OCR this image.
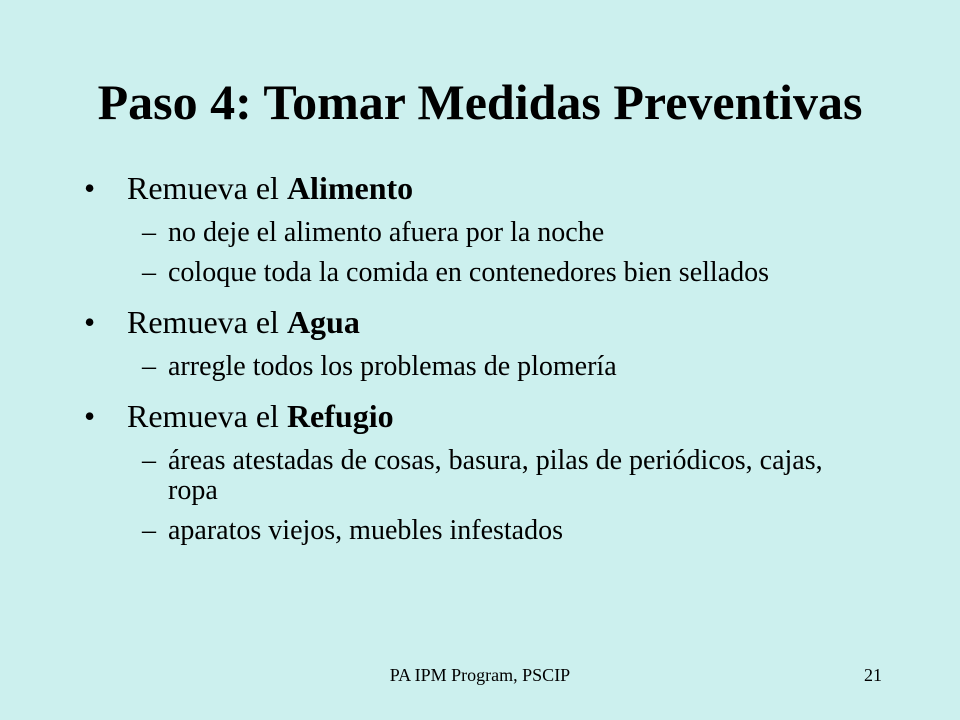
Paso 4: Tomar Medidas Preventivas
• Remueva el Alimento
– no deje el alimento afuera por la noche
– coloque toda la comida en contenedores bien sellados
• Remueva el Agua
– arregle todos los problemas de plomería
• Remueva el Refugio
– áreas atestadas de cosas, basura, pilas de periódicos, cajas, ropa
– aparatos viejos, muebles infestados
PA IPM Program, PSCIP	21
